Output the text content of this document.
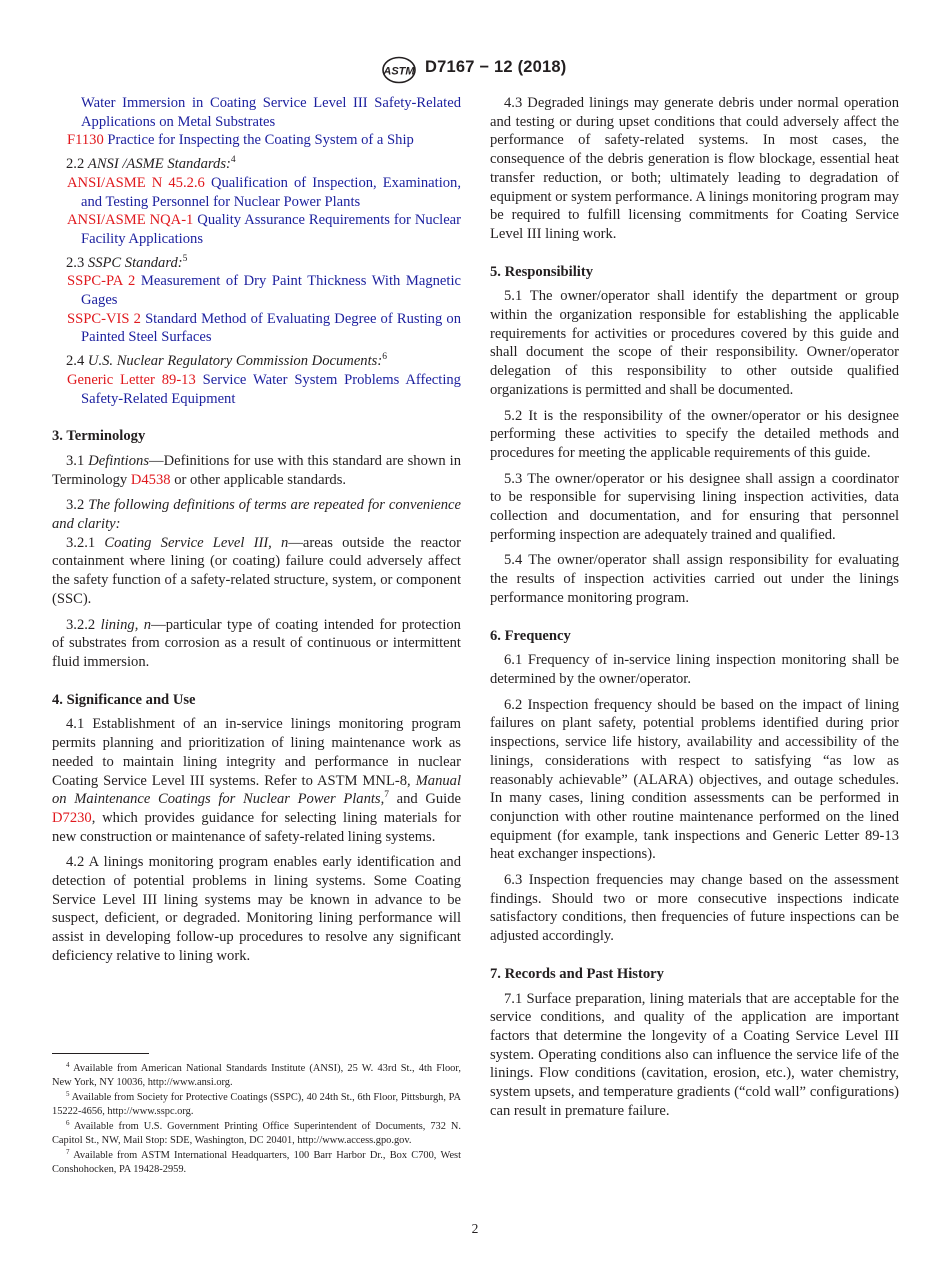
ASTM D7167 − 12 (2018)

Water Immersion in Coating Service Level III Safety-Related Applications on Metal Substrates

F1130 Practice for Inspecting the Coating System of a Ship

2.2 ANSI /ASME Standards:$^4$

ANSI/ASME N 45.2.6 Qualification of Inspection, Examination, and Testing Personnel for Nuclear Power Plants

ANSI/ASME NQA-1 Quality Assurance Requirements for Nuclear Facility Applications

2.3 SSPC Standard:$^5$

SSPC-PA 2 Measurement of Dry Paint Thickness With Magnetic Gages

SSPC-VIS 2 Standard Method of Evaluating Degree of Rusting on Painted Steel Surfaces

2.4 U.S. Nuclear Regulatory Commission Documents:$^6$

Generic Letter 89-13 Service Water System Problems Affecting Safety-Related Equipment

3. Terminology

3.1 Defintions—Definitions for use with this standard are shown in Terminology D4538 or other applicable standards.

3.2 The following definitions of terms are repeated for convenience and clarity:

3.2.1 Coating Service Level III, n—areas outside the reactor containment where lining (or coating) failure could adversely affect the safety function of a safety-related structure, system, or component (SSC).

3.2.2 lining, n—particular type of coating intended for protection of substrates from corrosion as a result of continuous or intermittent fluid immersion.

4. Significance and Use

4.1 Establishment of an in-service linings monitoring program permits planning and prioritization of lining maintenance work as needed to maintain lining integrity and performance in nuclear Coating Service Level III systems. Refer to ASTM MNL-8, Manual on Maintenance Coatings for Nuclear Power Plants,$^7$ and Guide D7230, which provides guidance for selecting lining materials for new construction or maintenance of safety-related lining systems.

4.2 A linings monitoring program enables early identification and detection of potential problems in lining systems. Some Coating Service Level III lining systems may be known in advance to be suspect, deficient, or degraded. Monitoring lining performance will assist in developing follow-up procedures to resolve any significant deficiency relative to lining work.

$^4$ Available from American National Standards Institute (ANSI), 25 W. 43rd St., 4th Floor, New York, NY 10036, http://www.ansi.org.

$^5$ Available from Society for Protective Coatings (SSPC), 40 24th St., 6th Floor, Pittsburgh, PA 15222-4656, http://www.sspc.org.

$^6$ Available from U.S. Government Printing Office Superintendent of Documents, 732 N. Capitol St., NW, Mail Stop: SDE, Washington, DC 20401, http://www.access.gpo.gov.

$^7$ Available from ASTM International Headquarters, 100 Barr Harbor Dr., Box C700, West Conshohocken, PA 19428-2959.

4.3 Degraded linings may generate debris under normal operation and testing or during upset conditions that could adversely affect the performance of safety-related systems. In most cases, the consequence of the debris generation is flow blockage, essential heat transfer reduction, or both; ultimately leading to degradation of equipment or system performance. A linings monitoring program may be required to fulfill licensing commitments for Coating Service Level III lining work.

5. Responsibility

5.1 The owner/operator shall identify the department or group within the organization responsible for establishing the applicable requirements for activities or procedures covered by this guide and shall document the scope of their responsibility. Owner/operator delegation of this responsibility to other outside qualified organizations is permitted and shall be documented.

5.2 It is the responsibility of the owner/operator or his designee performing these activities to specify the detailed methods and procedures for meeting the applicable requirements of this guide.

5.3 The owner/operator or his designee shall assign a coordinator to be responsible for supervising lining inspection activities, data collection and documentation, and for ensuring that personnel performing inspection are adequately trained and qualified.

5.4 The owner/operator shall assign responsibility for evaluating the results of inspection activities carried out under the linings performance monitoring program.

6. Frequency

6.1 Frequency of in-service lining inspection monitoring shall be determined by the owner/operator.

6.2 Inspection frequency should be based on the impact of lining failures on plant safety, potential problems identified during prior inspections, service life history, availability and accessibility of the linings, considerations with respect to satisfying “as low as reasonably achievable” (ALARA) objectives, and outage schedules. In many cases, lining condition assessments can be performed in conjunction with other routine maintenance performed on the lined equipment (for example, tank inspections and Generic Letter 89-13 heat exchanger inspections).

6.3 Inspection frequencies may change based on the assessment findings. Should two or more consecutive inspections indicate satisfactory conditions, then frequencies of future inspections can be adjusted accordingly.

7. Records and Past History

7.1 Surface preparation, lining materials that are acceptable for the service conditions, and quality of the application are important factors that determine the longevity of a Coating Service Level III system. Operating conditions also can influence the service life of the linings. Flow conditions (cavitation, erosion, etc.), water chemistry, system upsets, and temperature gradients (“cold wall” configurations) can result in premature failure.

2
